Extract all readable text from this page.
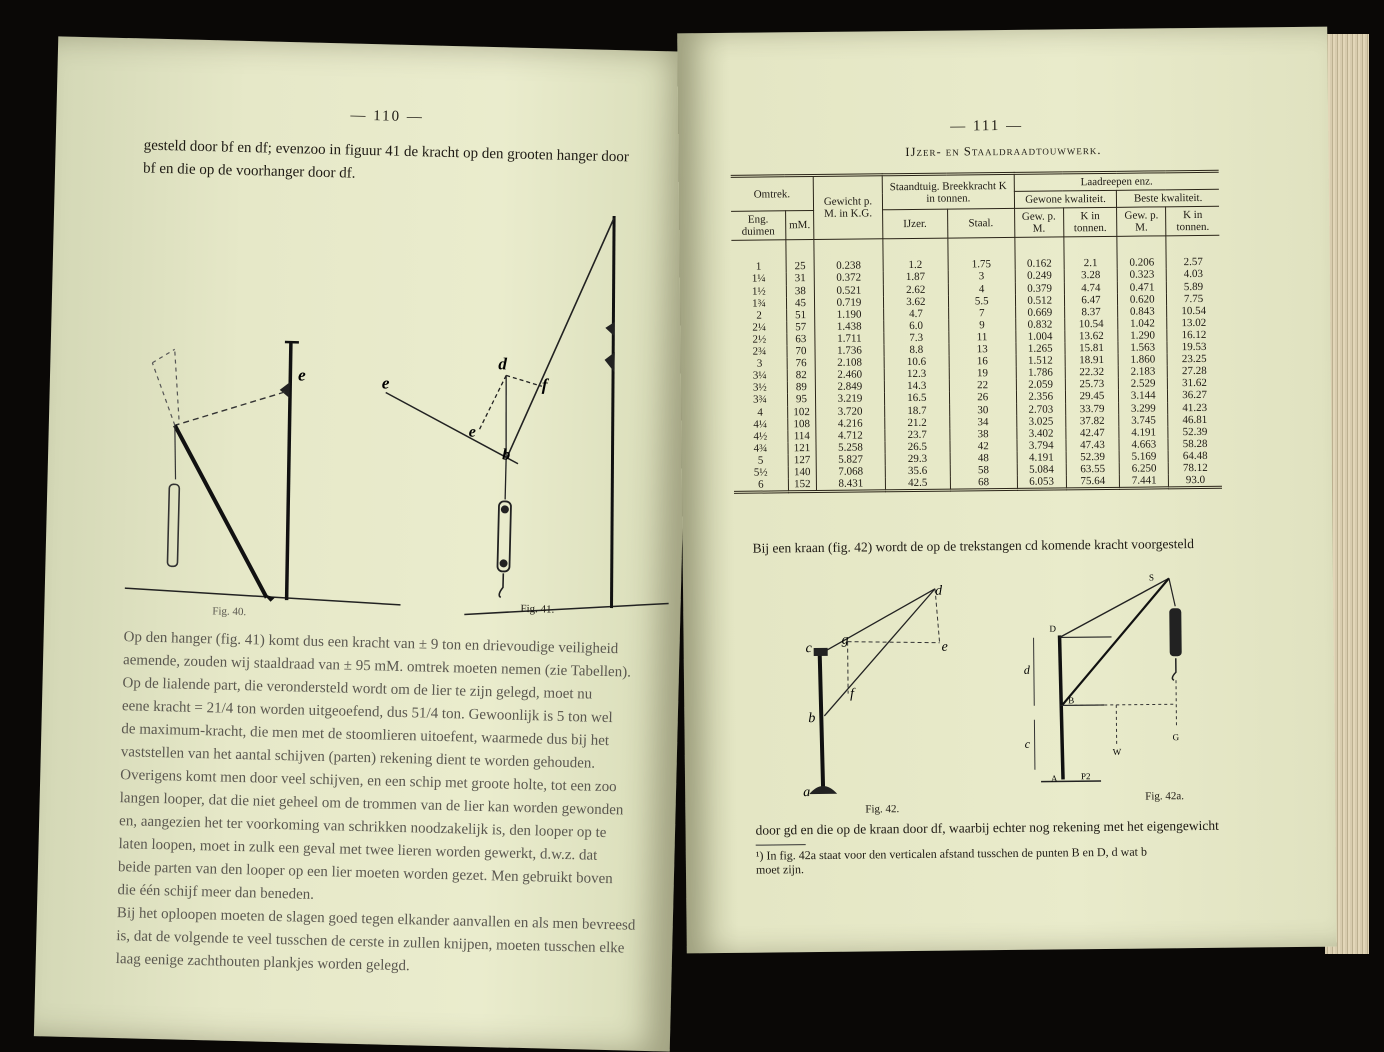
— 110 —
gesteld door bf en df; evenzoo in figuur 41 de kracht op den grooten hanger door
bf en die op de voorhanger door df.
e
Fig. 40.
e
d
f
e
b
Fig. 41.
Op den hanger (fig. 41) komt dus een kracht van ± 9 ton en drievoudige veiligheid
aemende, zouden wij staaldraad van ± 95 mM. omtrek moeten nemen (zie Tabellen).
Op de lialende part, die verondersteld wordt om de lier te zijn gelegd, moet nu
eene kracht = 21/4 ton worden uitgeoefend, dus 51/4 ton. Gewoonlijk is 5 ton wel
de maximum-kracht, die men met de stoomlieren uitoefent, waarmede dus bij het
vaststellen van het aantal schijven (parten) rekening dient te worden gehouden.
Overigens komt men door veel schijven, en een schip met groote holte, tot een zoo
langen looper, dat die niet geheel om de trommen van de lier kan worden gewonden
en, aangezien het ter voorkoming van schrikken noodzakelijk is, den looper op te
laten loopen, moet in zulk een geval met twee lieren worden gewerkt, d.w.z. dat
beide parten van den looper op een lier moeten worden gezet. Men gebruikt boven
die één schijf meer dan beneden.
Bij het oploopen moeten de slagen goed tegen elkander aanvallen en als men bevreesd
is, dat de volgende te veel tusschen de cerste in zullen knijpen, moeten tusschen elke
laag eenige zachthouten plankjes worden gelegd.
— 111 —
IJzer- en Staaldraadtouwwerk.
Omtrek.		Gewicht p. M. in K.G.	Staandtuig. Breekkracht K in tonnen.		Laadreepen enz.			
					Gewone kwaliteit.		Beste kwaliteit.	
Eng. duimen	mM.		IJzer.	Staal.	Gew. p. M.	K in tonnen.	Gew. p. M.	K in tonnen.
1	25	0.238	1.2	1.75	0.162	2.1	0.206	2.57
1¼	31	0.372	1.87	3	0.249	3.28	0.323	4.03
1½	38	0.521	2.62	4	0.379	4.74	0.471	5.89
1¾	45	0.719	3.62	5.5	0.512	6.47	0.620	7.75
2	51	1.190	4.7	7	0.669	8.37	0.843	10.54
2¼	57	1.438	6.0	9	0.832	10.54	1.042	13.02
2½	63	1.711	7.3	11	1.004	13.62	1.290	16.12
2¾	70	1.736	8.8	13	1.265	15.81	1.563	19.53
3	76	2.108	10.6	16	1.512	18.91	1.860	23.25
3¼	82	2.460	12.3	19	1.786	22.32	2.183	27.28
3½	89	2.849	14.3	22	2.059	25.73	2.529	31.62
3¾	95	3.219	16.5	26	2.356	29.45	3.144	36.27
4	102	3.720	18.7	30	2.703	33.79	3.299	41.23
4¼	108	4.216	21.2	34	3.025	37.82	3.745	46.81
4½	114	4.712	23.7	38	3.402	42.47	4.191	52.39
4¾	121	5.258	26.5	42	3.794	47.43	4.663	58.28
5	127	5.827	29.3	48	4.191	52.39	5.169	64.48
5½	140	7.068	35.6	58	5.084	63.55	6.250	78.12
6	152	8.431	42.5	68	6.053	75.64	7.441	93.0
Bij een kraan (fig. 42) wordt de op de trekstangen cd komende kracht voorgesteld
c
g
d
e
f
b
a
Fig. 42.
D
S
B
A
W
G
d
c
P2
Fig. 42a.
door gd en die op de kraan door df, waarbij echter nog rekening met het eigengewicht
¹) In fig. 42a staat voor den verticalen afstand tusschen de punten B en D, d wat b
moet zijn.
